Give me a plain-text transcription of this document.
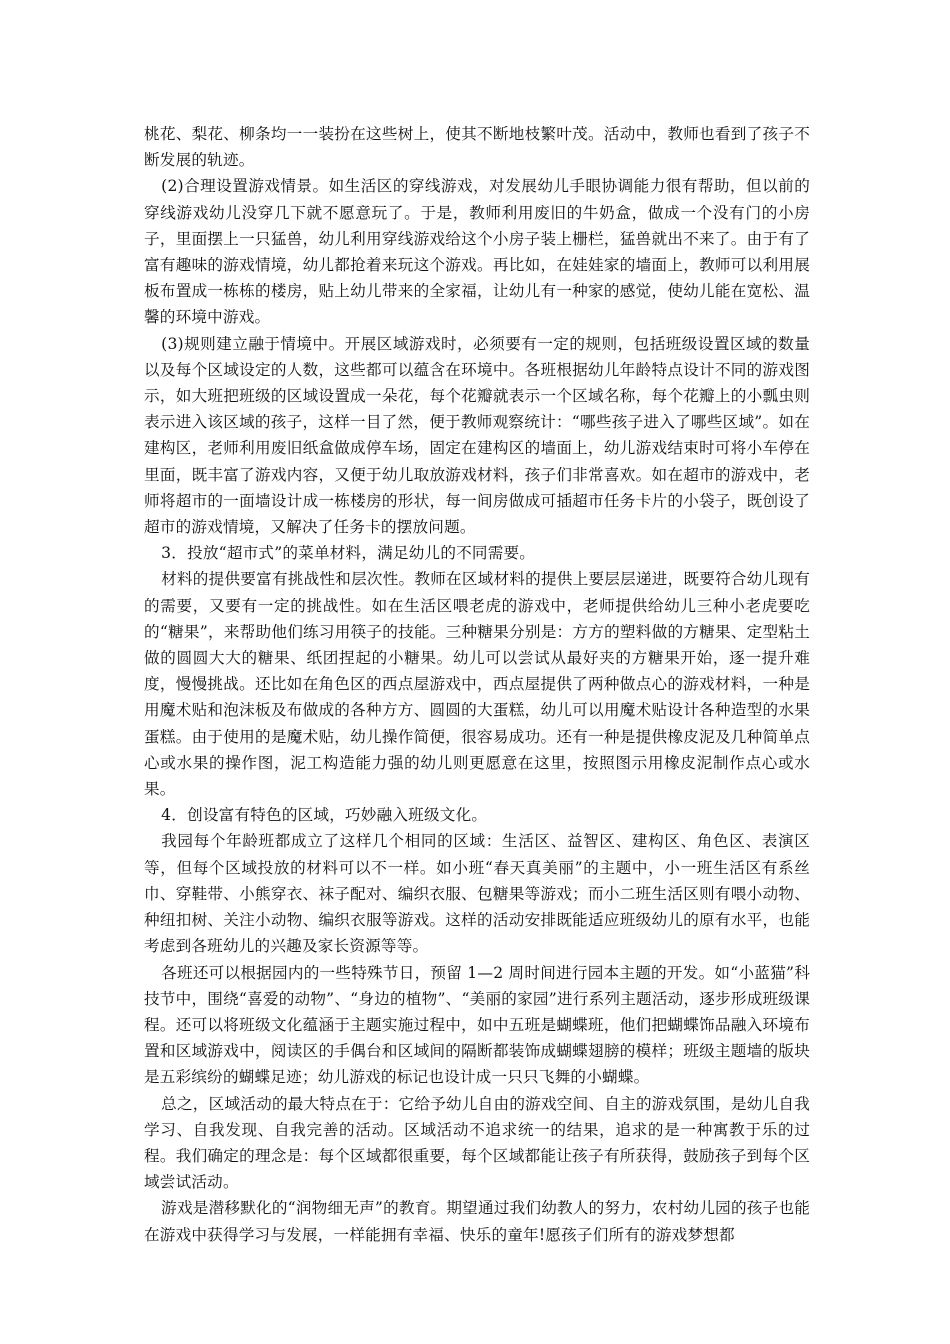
桃花、梨花、柳条均一一装扮在这些树上，使其不断地枝繁叶茂。活动中，教师也看到了孩子不断发展的轨迹。

(2)合理设置游戏情景。如生活区的穿线游戏，对发展幼儿手眼协调能力很有帮助，但以前的穿线游戏幼儿没穿几下就不愿意玩了。于是，教师利用废旧的牛奶盒，做成一个没有门的小房子，里面摆上一只猛兽，幼儿利用穿线游戏给这个小房子装上栅栏，猛兽就出不来了。由于有了富有趣味的游戏情境，幼儿都抢着来玩这个游戏。再比如，在娃娃家的墙面上，教师可以利用展板布置成一栋栋的楼房，贴上幼儿带来的全家福，让幼儿有一种家的感觉，使幼儿能在宽松、温馨的环境中游戏。

(3)规则建立融于情境中。开展区域游戏时，必须要有一定的规则，包括班级设置区域的数量以及每个区域设定的人数，这些都可以蕴含在环境中。各班根据幼儿年龄特点设计不同的游戏图示，如大班把班级的区域设置成一朵花，每个花瓣就表示一个区域名称，每个花瓣上的小瓢虫则表示进入该区域的孩子，这样一目了然，便于教师观察统计：“哪些孩子进入了哪些区域”。如在建构区，老师利用废旧纸盒做成停车场，固定在建构区的墙面上，幼儿游戏结束时可将小车停在里面，既丰富了游戏内容，又便于幼儿取放游戏材料，孩子们非常喜欢。如在超市的游戏中，老师将超市的一面墙设计成一栋楼房的形状，每一间房做成可插超市任务卡片的小袋子，既创设了超市的游戏情境，又解决了任务卡的摆放问题。

3．投放“超市式”的菜单材料，满足幼儿的不同需要。

材料的提供要富有挑战性和层次性。教师在区域材料的提供上要层层递进，既要符合幼儿现有的需要，又要有一定的挑战性。如在生活区喂老虎的游戏中，老师提供给幼儿三种小老虎要吃的“糖果”，来帮助他们练习用筷子的技能。三种糖果分别是：方方的塑料做的方糖果、定型粘土做的圆圆大大的糖果、纸团捏起的小糖果。幼儿可以尝试从最好夹的方糖果开始，逐一提升难度，慢慢挑战。还比如在角色区的西点屋游戏中，西点屋提供了两种做点心的游戏材料，一种是用魔术贴和泡沫板及布做成的各种方方、圆圆的大蛋糕，幼儿可以用魔术贴设计各种造型的水果蛋糕。由于使用的是魔术贴，幼儿操作简便，很容易成功。还有一种是提供橡皮泥及几种简单点心或水果的操作图，泥工构造能力强的幼儿则更愿意在这里，按照图示用橡皮泥制作点心或水果。

4．创设富有特色的区域，巧妙融入班级文化。

我园每个年龄班都成立了这样几个相同的区域：生活区、益智区、建构区、角色区、表演区等，但每个区域投放的材料可以不一样。如小班“春天真美丽”的主题中，小一班生活区有系丝巾、穿鞋带、小熊穿衣、袜子配对、编织衣服、包糖果等游戏；而小二班生活区则有喂小动物、种纽扣树、关注小动物、编织衣服等游戏。这样的活动安排既能适应班级幼儿的原有水平，也能考虑到各班幼儿的兴趣及家长资源等等。

各班还可以根据园内的一些特殊节日，预留 1—2 周时间进行园本主题的开发。如“小蓝猫”科技节中，围绕“喜爱的动物”、“身边的植物”、“美丽的家园”进行系列主题活动，逐步形成班级课程。还可以将班级文化蕴涵于主题实施过程中，如中五班是蝴蝶班，他们把蝴蝶饰品融入环境布置和区域游戏中，阅读区的手偶台和区域间的隔断都装饰成蝴蝶翅膀的模样；班级主题墙的版块是五彩缤纷的蝴蝶足迹；幼儿游戏的标记也设计成一只只飞舞的小蝴蝶。

总之，区域活动的最大特点在于：它给予幼儿自由的游戏空间、自主的游戏氛围，是幼儿自我学习、自我发现、自我完善的活动。区域活动不追求统一的结果，追求的是一种寓教于乐的过程。我们确定的理念是：每个区域都很重要，每个区域都能让孩子有所获得，鼓励孩子到每个区域尝试活动。

游戏是潜移默化的“润物细无声”的教育。期望通过我们幼教人的努力，农村幼儿园的孩子也能在游戏中获得学习与发展，一样能拥有幸福、快乐的童年!愿孩子们所有的游戏梦想都
